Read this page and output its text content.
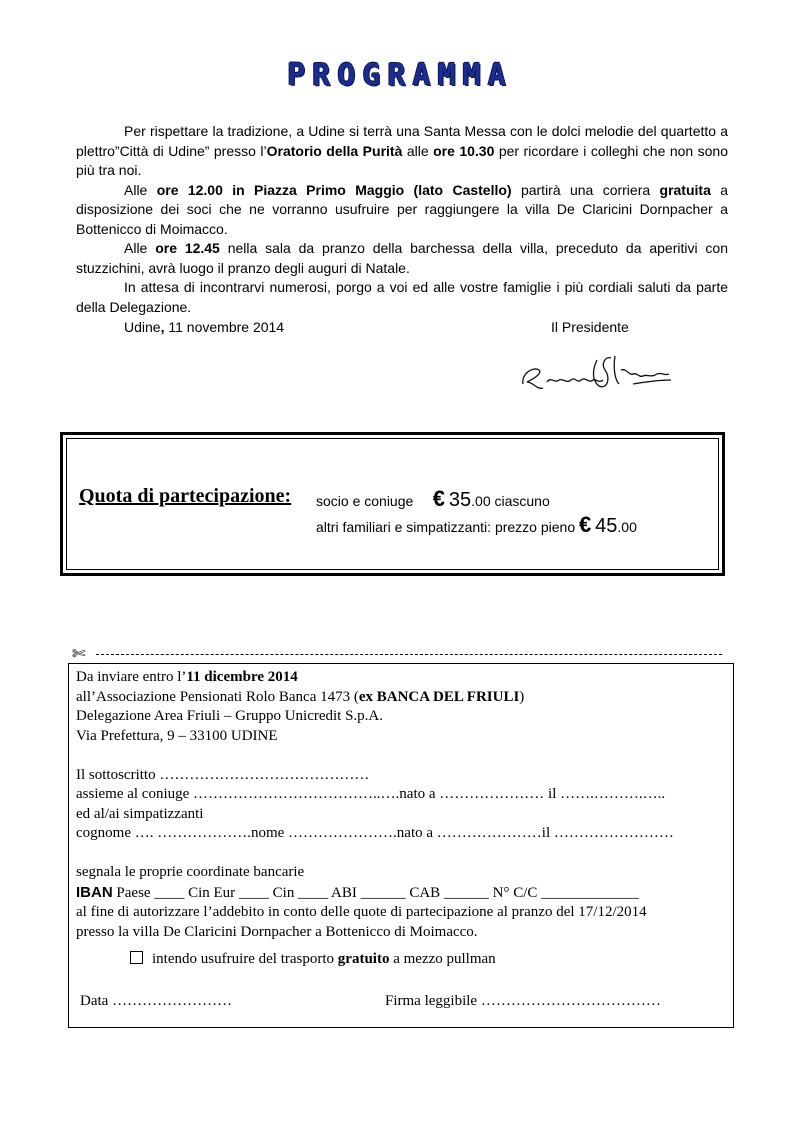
PROGRAMMA

Per rispettare la tradizione, a Udine si terrà una Santa Messa con le dolci melodie del quartetto a plettro”Città di Udine” presso l’Oratorio della Purità alle ore 10.30 per ricordare i colleghi che non sono più tra noi.

Alle ore 12.00 in Piazza Primo Maggio (lato Castello) partirà una corriera gratuita a disposizione dei soci che ne vorranno usufruire per raggiungere la villa De Claricini Dornpacher a Bottenicco di Moimacco.

Alle ore 12.45 nella sala da pranzo della barchessa della villa, preceduto da aperitivi con stuzzichini, avrà luogo il pranzo degli auguri di Natale.

In attesa di incontrarvi numerosi, porgo a voi ed alle vostre famiglie i più cordiali saluti da parte della Delegazione.

Udine, 11 novembre 2014	Il Presidente
Riccardo Sgl Maslizo
Quota di partecipazione: socio e coniuge € 35.00 ciascuno
altri familiari e simpatizzanti: prezzo pieno € 45.00
✄
Da inviare entro l’11 dicembre 2014
all’Associazione Pensionati Rolo Banca 1473 (ex BANCA DEL FRIULI)
Delegazione Area Friuli – Gruppo Unicredit S.p.A.
Via Prefettura, 9 – 33100 UDINE
Il sottoscritto ……………………………………
assieme al coniuge ………………………………..….nato a ………………… il …….……….…..
ed al/ai simpatizzanti
cognome …. ……………….nome ………………….nato a …………………il ……………………
segnala le proprie coordinate bancarie
IBAN Paese ____ Cin Eur ____ Cin ____ ABI ______ CAB ______ N° C/C _____________
al fine di autorizzare l’addebito in conto delle quote di partecipazione al pranzo del 17/12/2014
presso la villa De Claricini Dornpacher a Bottenicco di Moimacco.
intendo usufruire del trasporto gratuito a mezzo pullman
Data ……………………	Firma leggibile ………………………………
